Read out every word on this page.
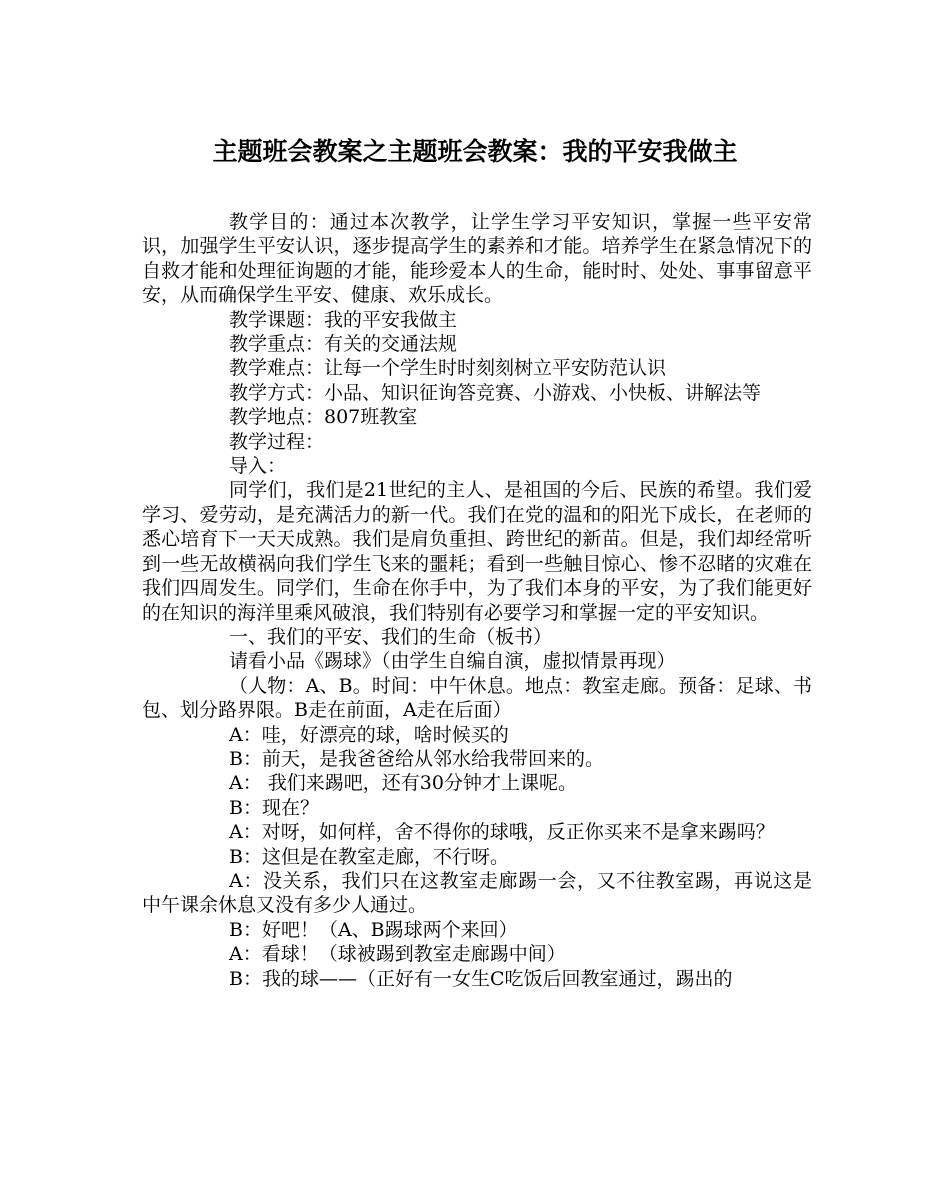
主题班会教案之主题班会教案：我的平安我做主

教学目的：通过本次教学，让学生学习平安知识，掌握一些平安常识，加强学生平安认识，逐步提高学生的素养和才能。培养学生在紧急情况下的自救才能和处理征询题的才能，能珍爱本人的生命，能时时、处处、事事留意平安，从而确保学生平安、健康、欢乐成长。

教学课题：我的平安我做主

教学重点：有关的交通法规

教学难点：让每一个学生时时刻刻树立平安防范认识

教学方式：小品、知识征询答竞赛、小游戏、小快板、讲解法等

教学地点：807班教室

教学过程：

导入：

同学们，我们是21世纪的主人、是祖国的今后、民族的希望。我们爱学习、爱劳动，是充满活力的新一代。我们在党的温和的阳光下成长，在老师的悉心培育下一天天成熟。我们是肩负重担、跨世纪的新苗。但是，我们却经常听到一些无故横祸向我们学生飞来的噩耗；看到一些触目惊心、惨不忍睹的灾难在我们四周发生。同学们，生命在你手中，为了我们本身的平安，为了我们能更好的在知识的海洋里乘风破浪，我们特别有必要学习和掌握一定的平安知识。

一、我们的平安、我们的生命（板书）

请看小品《踢球》（由学生自编自演，虚拟情景再现）

（人物：A、B。时间：中午休息。地点：教室走廊。预备：足球、书包、划分路界限。B走在前面，A走在后面）

A：哇，好漂亮的球，啥时候买的

B：前天，是我爸爸给从邻水给我带回来的。

A： 我们来踢吧，还有30分钟才上课呢。

B：现在？

A：对呀，如何样，舍不得你的球哦，反正你买来不是拿来踢吗？

B：这但是在教室走廊，不行呀。

A：没关系，我们只在这教室走廊踢一会，又不往教室踢，再说这是中午课余休息又没有多少人通过。

B：好吧！（A、B踢球两个来回）

A：看球！（球被踢到教室走廊踢中间）

B：我的球——（正好有一女生C吃饭后回教室通过，踢出的
